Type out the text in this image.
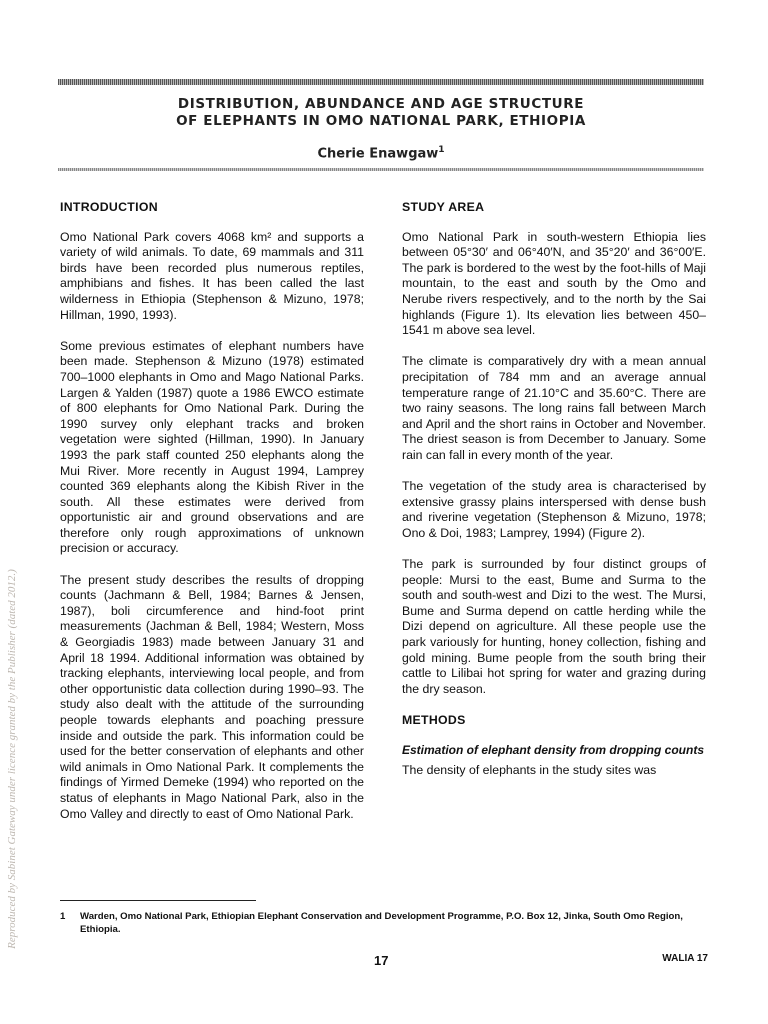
Reproduced by Sabinet Gateway under licence granted by the Publisher (dated 2012.)
DISTRIBUTION, ABUNDANCE AND AGE STRUCTURE
OF ELEPHANTS IN OMO NATIONAL PARK, ETHIOPIA
Cherie Enawgaw$^1$
INTRODUCTION

Omo National Park covers 4068 km² and supports a variety of wild animals. To date, 69 mammals and 311 birds have been recorded plus numerous reptiles, amphibians and fishes. It has been called the last wilderness in Ethiopia (Stephenson & Mizuno, 1978; Hillman, 1990, 1993).

Some previous estimates of elephant numbers have been made. Stephenson & Mizuno (1978) estimated 700–1000 elephants in Omo and Mago National Parks. Largen & Yalden (1987) quote a 1986 EWCO estimate of 800 elephants for Omo National Park. During the 1990 survey only elephant tracks and broken vegetation were sighted (Hillman, 1990). In January 1993 the park staff counted 250 elephants along the Mui River. More recently in August 1994, Lamprey counted 369 elephants along the Kibish River in the south. All these estimates were derived from opportunistic air and ground observations and are therefore only rough approximations of unknown precision or accuracy.

The present study describes the results of dropping counts (Jachmann & Bell, 1984; Barnes & Jensen, 1987), boli circumference and hind-foot print measurements (Jachman & Bell, 1984; Western, Moss & Georgiadis 1983) made between January 31 and April 18 1994. Additional information was obtained by tracking elephants, interviewing local people, and from other opportunistic data collection during 1990–93. The study also dealt with the attitude of the surrounding people towards elephants and poaching pressure inside and outside the park. This information could be used for the better conservation of elephants and other wild animals in Omo National Park. It complements the findings of Yirmed Demeke (1994) who reported on the status of elephants in Mago National Park, also in the Omo Valley and directly to east of Omo National Park.

STUDY AREA

Omo National Park in south-western Ethiopia lies between 05°30′ and 06°40′N, and 35°20′ and 36°00′E. The park is bordered to the west by the foot-hills of Maji mountain, to the east and south by the Omo and Nerube rivers respectively, and to the north by the Sai highlands (Figure 1). Its elevation lies between 450–1541 m above sea level.

The climate is comparatively dry with a mean annual precipitation of 784 mm and an average annual temperature range of 21.10°C and 35.60°C. There are two rainy seasons. The long rains fall between March and April and the short rains in October and November. The driest season is from December to January. Some rain can fall in every month of the year.

The vegetation of the study area is characterised by extensive grassy plains interspersed with dense bush and riverine vegetation (Stephenson & Mizuno, 1978; Ono & Doi, 1983; Lamprey, 1994) (Figure 2).

The park is surrounded by four distinct groups of people: Mursi to the east, Bume and Surma to the south and south-west and Dizi to the west. The Mursi, Bume and Surma depend on cattle herding while the Dizi depend on agriculture. All these people use the park variously for hunting, honey collection, fishing and gold mining. Bume people from the south bring their cattle to Lilibai hot spring for water and grazing during the dry season.

METHODS
Estimation of elephant density from dropping counts

The density of elephants in the study sites was

1	Warden, Omo National Park, Ethiopian Elephant Conservation and Development Programme, P.O. Box 12, Jinka, South Omo Region, Ethiopia.
17	WALIA 17
